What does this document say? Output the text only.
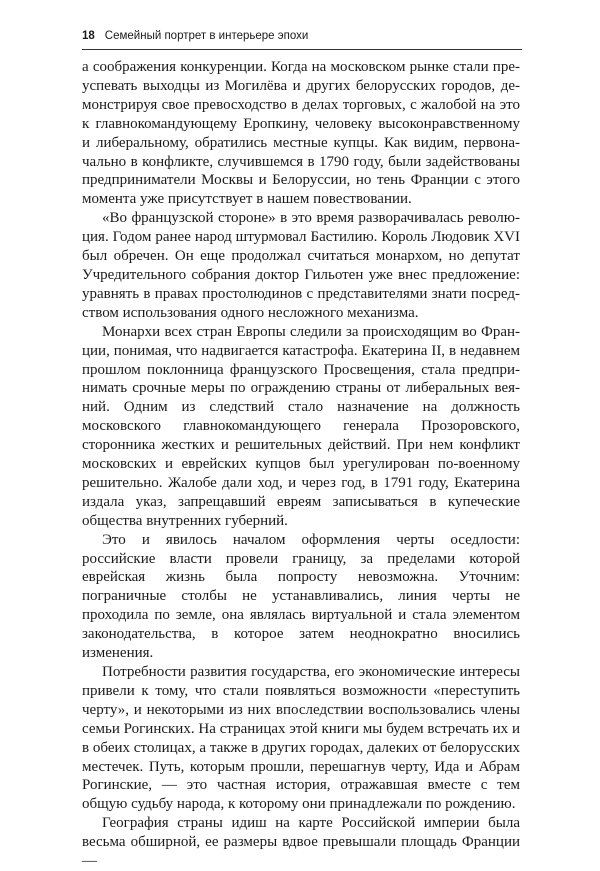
18 Семейный портрет в интерьере эпохи

а соображения конкуренции. Когда на московском рынке стали преуспевать выходцы из Могилёва и других белорусских городов, демонстрируя свое превосходство в делах торговых, с жалобой на это к главнокомандующему Еропкину, человеку высоконравственному и либеральному, обратились местные купцы. Как видим, первоначально в конфликте, случившемся в 1790 году, были задействованы предприниматели Москвы и Белоруссии, но тень Франции с этого момента уже присутствует в нашем повествовании.

«Во французской стороне» в это время разворачивалась революция. Годом ранее народ штурмовал Бастилию. Король Людовик XVI был обречен. Он еще продолжал считаться монархом, но депутат Учредительного собрания доктор Гильотен уже внес предложение: уравнять в правах простолюдинов с представителями знати посредством использования одного несложного механизма.

Монархи всех стран Европы следили за происходящим во Франции, понимая, что надвигается катастрофа. Екатерина II, в недавнем прошлом поклонница французского Просвещения, стала предпринимать срочные меры по ограждению страны от либеральных веяний. Одним из следствий стало назначение на должность московского главнокомандующего генерала Прозоровского, сторонника жестких и решительных действий. При нем конфликт московских и еврейских купцов был урегулирован по-военному решительно. Жалобе дали ход, и через год, в 1791 году, Екатерина издала указ, запрещавший евреям записываться в купеческие общества внутренних губерний.

Это и явилось началом оформления черты оседлости: российские власти провели границу, за пределами которой еврейская жизнь была попросту невозможна. Уточним: пограничные столбы не устанавливались, линия черты не проходила по земле, она являлась виртуальной и стала элементом законодательства, в которое затем неоднократно вносились изменения.

Потребности развития государства, его экономические интересы привели к тому, что стали появляться возможности «переступить черту», и некоторыми из них впоследствии воспользовались члены семьи Рогинских. На страницах этой книги мы будем встречать их и в обеих столицах, а также в других городах, далеких от белорусских местечек. Путь, которым прошли, перешагнув черту, Ида и Абрам Рогинские, — это частная история, отражавшая вместе с тем общую судьбу народа, к которому они принадлежали по рождению.

География страны идиш на карте Российской империи была весьма обширной, ее размеры вдвое превышали площадь Франции —
